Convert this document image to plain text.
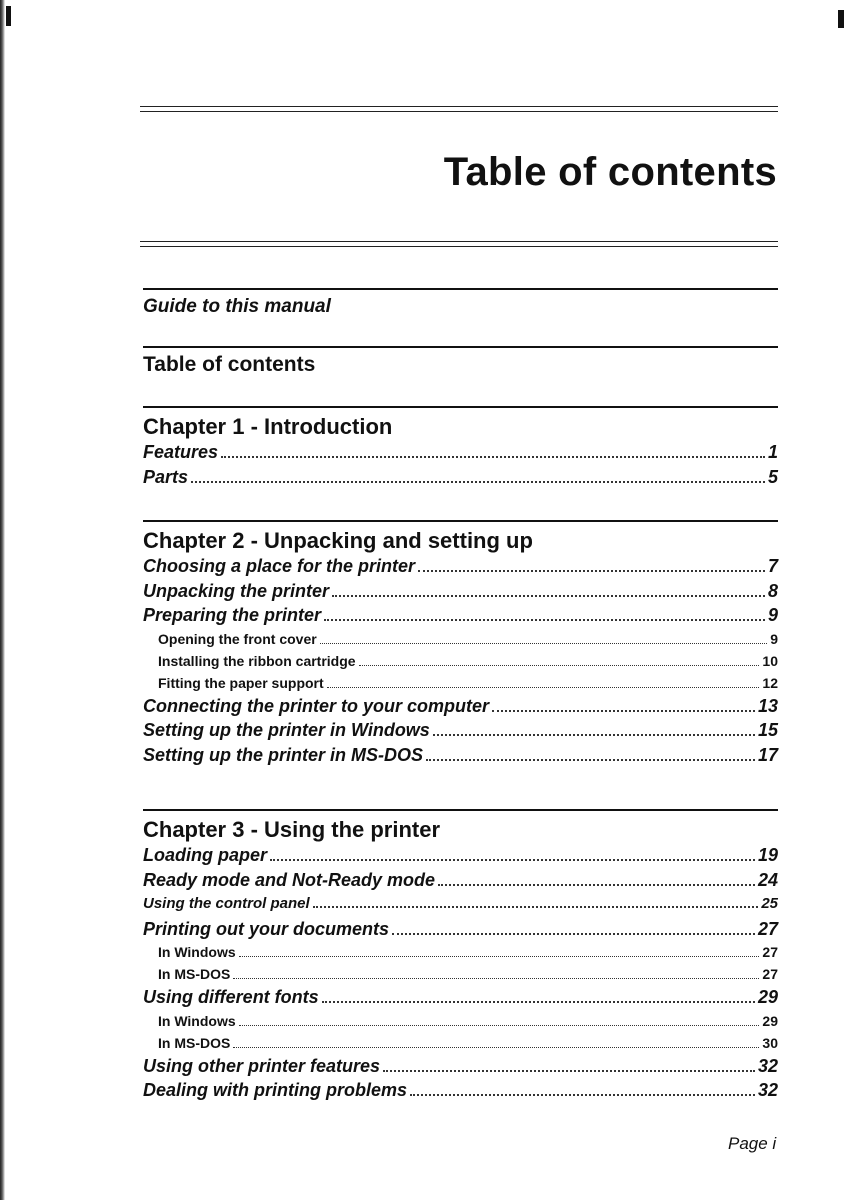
Table of contents
Guide to this manual
Table of contents
Chapter 1 - Introduction
Features	1
Parts	5
Chapter 2 - Unpacking and setting up
Choosing a place for the printer	7
Unpacking the printer	8
Preparing the printer	9
Opening the front cover	9
Installing the ribbon cartridge	10
Fitting the paper support	12
Connecting the printer to your computer	13
Setting up the printer in Windows	15
Setting up the printer in MS-DOS	17
Chapter 3 - Using the printer
Loading paper	19
Ready mode and Not-Ready mode	24
Using the control panel	25
Printing out your documents	27
In Windows	27
In MS-DOS	27
Using different fonts	29
In Windows	29
In MS-DOS	30
Using other printer features	32
Dealing with printing problems	32
Page i
